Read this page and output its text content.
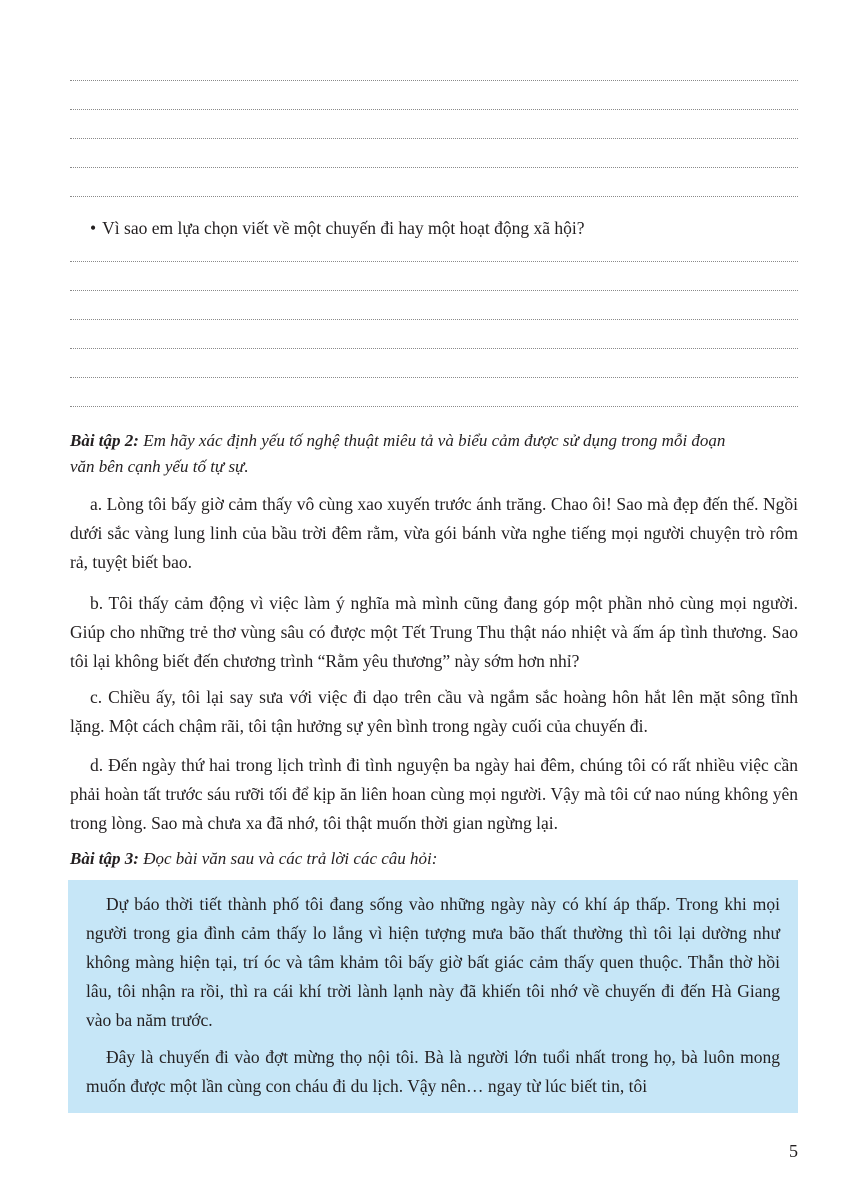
• Vì sao em lựa chọn viết về một chuyến đi hay một hoạt động xã hội?
Bài tập 2: Em hãy xác định yếu tố nghệ thuật miêu tả và biểu cảm được sử dụng trong mỗi đoạn
văn bên cạnh yếu tố tự sự.
a. Lòng tôi bấy giờ cảm thấy vô cùng xao xuyến trước ánh trăng. Chao ôi! Sao mà đẹp đến thế. Ngồi dưới sắc vàng lung linh của bầu trời đêm rằm, vừa gói bánh vừa nghe tiếng mọi người chuyện trò rôm rả, tuyệt biết bao.
b. Tôi thấy cảm động vì việc làm ý nghĩa mà mình cũng đang góp một phần nhỏ cùng mọi người. Giúp cho những trẻ thơ vùng sâu có được một Tết Trung Thu thật náo nhiệt và ấm áp tình thương. Sao tôi lại không biết đến chương trình “Rằm yêu thương” này sớm hơn nhỉ?
c. Chiều ấy, tôi lại say sưa với việc đi dạo trên cầu và ngắm sắc hoàng hôn hắt lên mặt sông tĩnh lặng. Một cách chậm rãi, tôi tận hưởng sự yên bình trong ngày cuối của chuyến đi.
d. Đến ngày thứ hai trong lịch trình đi tình nguyện ba ngày hai đêm, chúng tôi có rất nhiều việc cần phải hoàn tất trước sáu rưỡi tối để kịp ăn liên hoan cùng mọi người. Vậy mà tôi cứ nao núng không yên trong lòng. Sao mà chưa xa đã nhớ, tôi thật muốn thời gian ngừng lại.
Bài tập 3: Đọc bài văn sau và các trả lời các câu hỏi:
Dự báo thời tiết thành phố tôi đang sống vào những ngày này có khí áp thấp. Trong khi mọi người trong gia đình cảm thấy lo lắng vì hiện tượng mưa bão thất thường thì tôi lại dường như không màng hiện tại, trí óc và tâm khảm tôi bấy giờ bất giác cảm thấy quen thuộc. Thẫn thờ hồi lâu, tôi nhận ra rồi, thì ra cái khí trời lành lạnh này đã khiến tôi nhớ về chuyến đi đến Hà Giang vào ba năm trước.
Đây là chuyến đi vào đợt mừng thọ nội tôi. Bà là người lớn tuổi nhất trong họ, bà luôn mong muốn được một lần cùng con cháu đi du lịch. Vậy nên… ngay từ lúc biết tin, tôi
5
